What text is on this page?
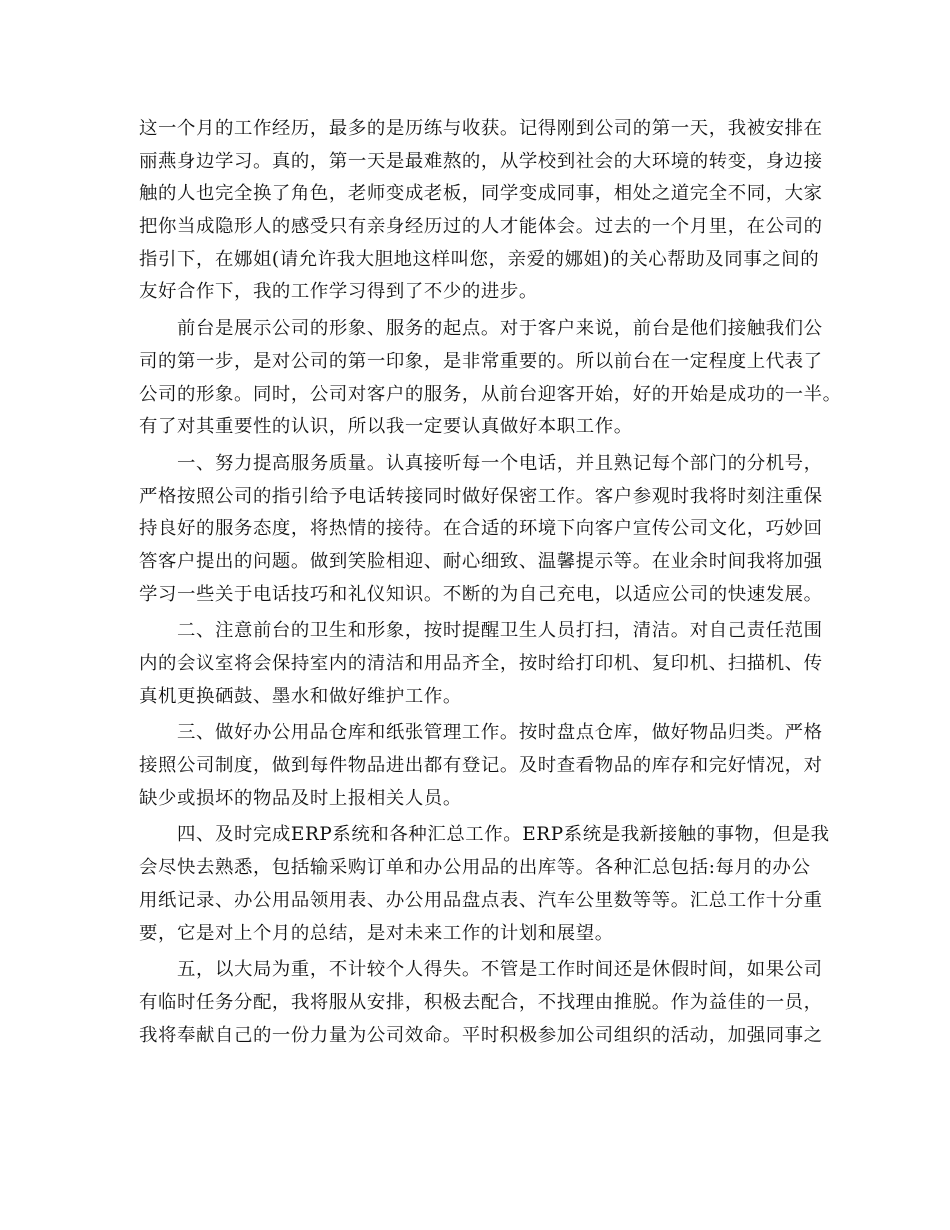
这一个月的工作经历，最多的是历练与收获。记得刚到公司的第一天，我被安排在
丽燕身边学习。真的，第一天是最难熬的，从学校到社会的大环境的转变，身边接
触的人也完全换了角色，老师变成老板，同学变成同事，相处之道完全不同，大家
把你当成隐形人的感受只有亲身经历过的人才能体会。过去的一个月里，在公司的
指引下，在娜姐(请允许我大胆地这样叫您，亲爱的娜姐)的关心帮助及同事之间的
友好合作下，我的工作学习得到了不少的进步。
　　前台是展示公司的形象、服务的起点。对于客户来说，前台是他们接触我们公
司的第一步，是对公司的第一印象，是非常重要的。所以前台在一定程度上代表了
公司的形象。同时，公司对客户的服务，从前台迎客开始，好的开始是成功的一半。
有了对其重要性的认识，所以我一定要认真做好本职工作。
　　一、努力提高服务质量。认真接听每一个电话，并且熟记每个部门的分机号，
严格按照公司的指引给予电话转接同时做好保密工作。客户参观时我将时刻注重保
持良好的服务态度，将热情的接待。在合适的环境下向客户宣传公司文化，巧妙回
答客户提出的问题。做到笑脸相迎、耐心细致、温馨提示等。在业余时间我将加强
学习一些关于电话技巧和礼仪知识。不断的为自己充电，以适应公司的快速发展。
　　二、注意前台的卫生和形象，按时提醒卫生人员打扫，清洁。对自己责任范围
内的会议室将会保持室内的清洁和用品齐全，按时给打印机、复印机、扫描机、传
真机更换硒鼓、墨水和做好维护工作。
　　三、做好办公用品仓库和纸张管理工作。按时盘点仓库，做好物品归类。严格
接照公司制度，做到每件物品进出都有登记。及时查看物品的库存和完好情况，对
缺少或损坏的物品及时上报相关人员。
　　四、及时完成ERP系统和各种汇总工作。ERP系统是我新接触的事物，但是我
会尽快去熟悉，包括输采购订单和办公用品的出库等。各种汇总包括:每月的办公
用纸记录、办公用品领用表、办公用品盘点表、汽车公里数等等。汇总工作十分重
要，它是对上个月的总结，是对未来工作的计划和展望。
　　五，以大局为重，不计较个人得失。不管是工作时间还是休假时间，如果公司
有临时任务分配，我将服从安排，积极去配合，不找理由推脱。作为益佳的一员，
我将奉献自己的一份力量为公司效命。平时积极参加公司组织的活动，加强同事之
